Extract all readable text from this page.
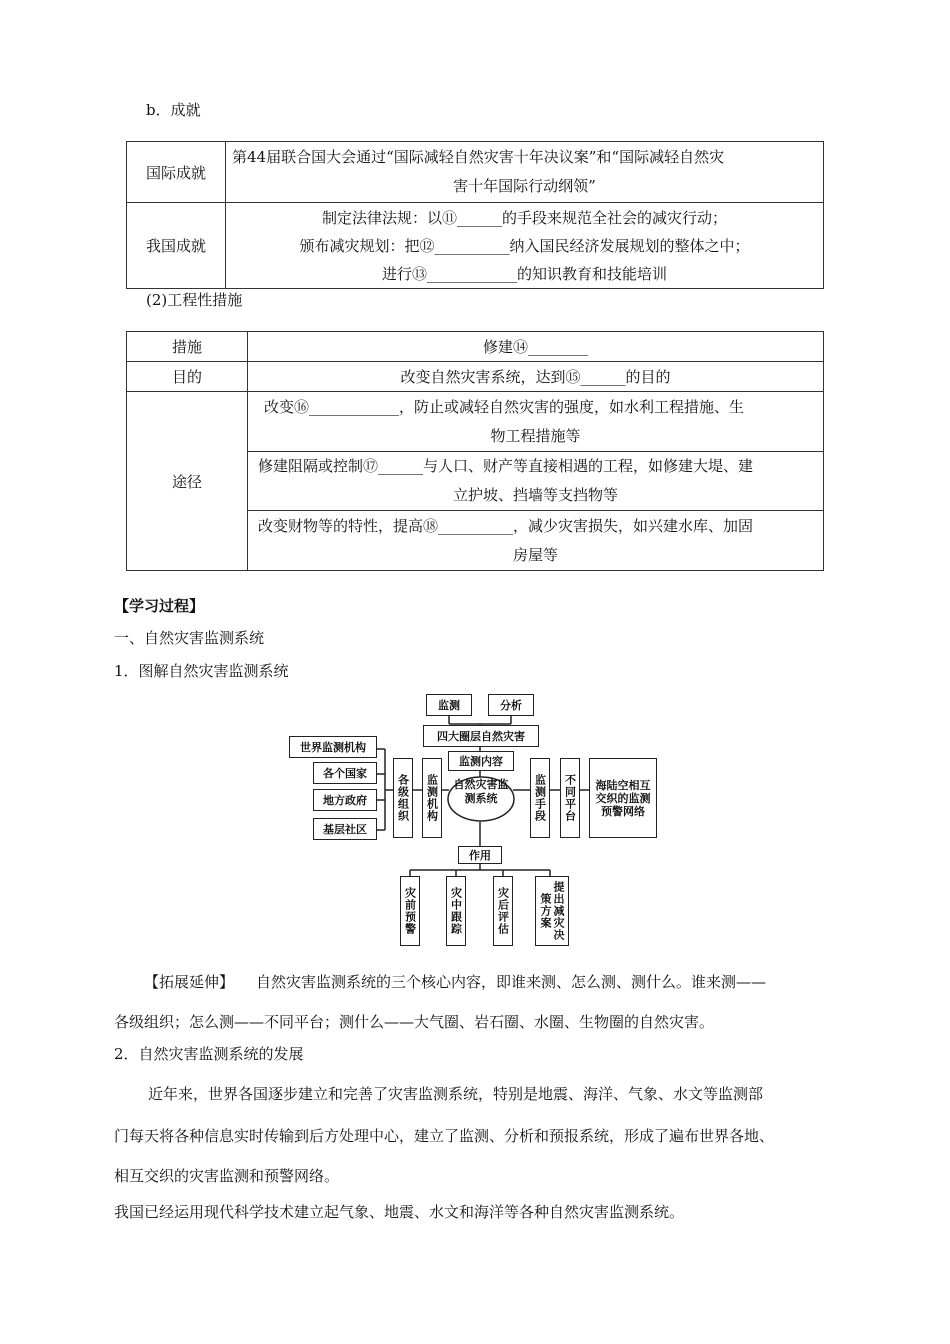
b．成就
国际成就	第44届联合国大会通过“国际减轻自然灾害十年决议案”和“国际减轻自然灾
害十年国际行动纲领”

我国成就	制定法律法规：以⑪______的手段来规范全社会的减灾行动；
颁布减灾规划：把⑫__________纳入国民经济发展规划的整体之中；
进行⑬____________的知识教育和技能培训
(2)工程性措施
措施	修建⑭________
目的	改变自然灾害系统，达到⑮______的目的
途径	改变⑯____________，防止或减轻自然灾害的强度，如水利工程措施、生
物工程措施等

	修建阻隔或控制⑰______与人口、财产等直接相遇的工程，如修建大堤、建
立护坡、挡墙等支挡物等

	改变财物等的特性，提高⑱__________，减少灾害损失，如兴建水库、加固
房屋等
【学习过程】
一、自然灾害监测系统
1．图解自然灾害监测系统
监测	分析
四大圈层自然灾害
监测内容
世界监测机构
各个国家
地方政府
基层社区
各级组织	监测机构	自然灾害监测系统	监测手段	不同平台	海陆空相互交织的监测预警网络
作用
灾前预警	灾中跟踪	灾后评估	提出减灾决策方案
【拓展延伸】 自然灾害监测系统的三个核心内容，即谁来测、怎么测、测什么。谁来测——
各级组织；怎么测——不同平台；测什么——大气圈、岩石圈、水圈、生物圈的自然灾害。
2．自然灾害监测系统的发展
近年来，世界各国逐步建立和完善了灾害监测系统，特别是地震、海洋、气象、水文等监测部
门每天将各种信息实时传输到后方处理中心，建立了监测、分析和预报系统，形成了遍布世界各地、
相互交织的灾害监测和预警网络。
我国已经运用现代科学技术建立起气象、地震、水文和海洋等各种自然灾害监测系统。
